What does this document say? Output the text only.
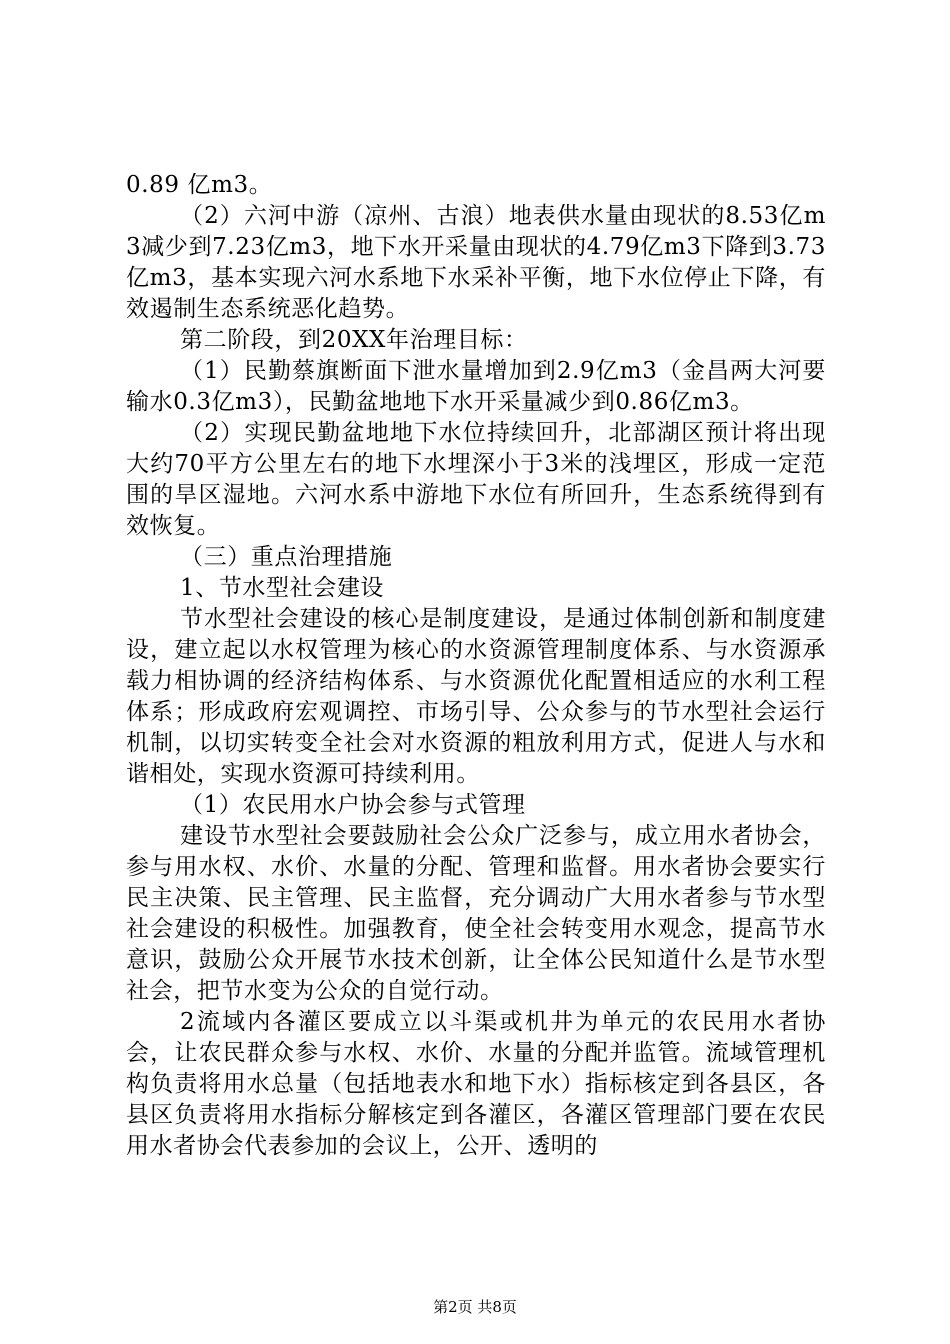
0.89 亿m3。

（2）六河中游（凉州、古浪）地表供水量由现状的8.53亿m3减少到7.23亿m3，地下水开采量由现状的4.79亿m3下降到3.73亿m3，基本实现六河水系地下水采补平衡，地下水位停止下降，有效遏制生态系统恶化趋势。

第二阶段，到20XX年治理目标：

（1）民勤蔡旗断面下泄水量增加到2.9亿m3（金昌两大河要输水0.3亿m3），民勤盆地地下水开采量减少到0.86亿m3。

（2）实现民勤盆地地下水位持续回升，北部湖区预计将出现大约70平方公里左右的地下水埋深小于3米的浅埋区，形成一定范围的旱区湿地。六河水系中游地下水位有所回升，生态系统得到有效恢复。

（三）重点治理措施

1、节水型社会建设

节水型社会建设的核心是制度建设，是通过体制创新和制度建设，建立起以水权管理为核心的水资源管理制度体系、与水资源承载力相协调的经济结构体系、与水资源优化配置相适应的水利工程体系；形成政府宏观调控、市场引导、公众参与的节水型社会运行机制，以切实转变全社会对水资源的粗放利用方式，促进人与水和谐相处，实现水资源可持续利用。

（1）农民用水户协会参与式管理

建设节水型社会要鼓励社会公众广泛参与，成立用水者协会，参与用水权、水价、水量的分配、管理和监督。用水者协会要实行民主决策、民主管理、民主监督，充分调动广大用水者参与节水型社会建设的积极性。加强教育，使全社会转变用水观念，提高节水意识，鼓励公众开展节水技术创新，让全体公民知道什么是节水型社会，把节水变为公众的自觉行动。

2流域内各灌区要成立以斗渠或机井为单元的农民用水者协会，让农民群众参与水权、水价、水量的分配并监管。流域管理机构负责将用水总量（包括地表水和地下水）指标核定到各县区，各县区负责将用水指标分解核定到各灌区，各灌区管理部门要在农民用水者协会代表参加的会议上，公开、透明的

第2页 共8页
